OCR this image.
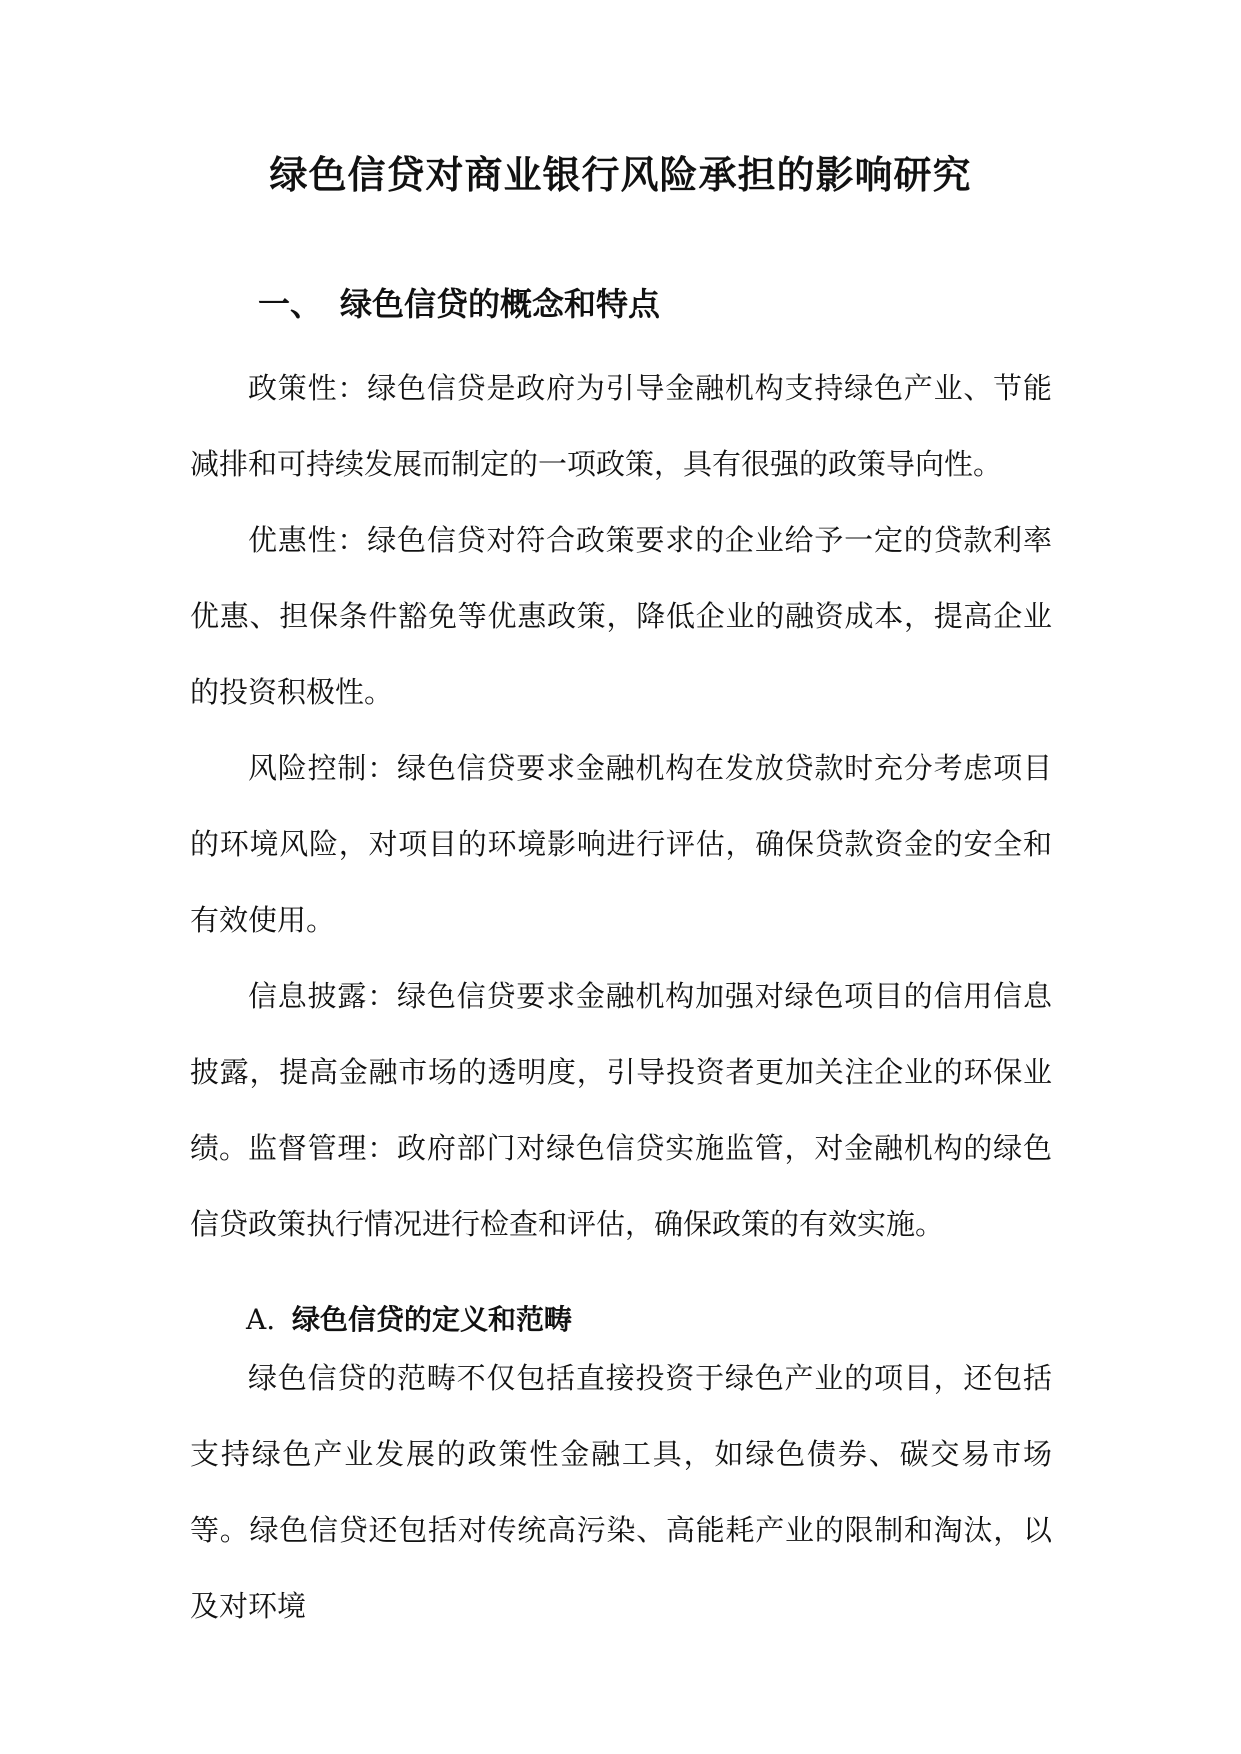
绿色信贷对商业银行风险承担的影响研究
一、 绿色信贷的概念和特点

政策性：绿色信贷是政府为引导金融机构支持绿色产业、节能减排和可持续发展而制定的一项政策，具有很强的政策导向性。

优惠性：绿色信贷对符合政策要求的企业给予一定的贷款利率优惠、担保条件豁免等优惠政策，降低企业的融资成本，提高企业的投资积极性。

风险控制：绿色信贷要求金融机构在发放贷款时充分考虑项目的环境风险，对项目的环境影响进行评估，确保贷款资金的安全和有效使用。

信息披露：绿色信贷要求金融机构加强对绿色项目的信用信息披露，提高金融市场的透明度，引导投资者更加关注企业的环保业绩。 监督管理：政府部门对绿色信贷实施监管，对金融机构的绿色信贷政策执行情况进行检查和评估，确保政策的有效实施。

A. 绿色信贷的定义和范畴

绿色信贷的范畴不仅包括直接投资于绿色产业的项目，还包括支持绿色产业发展的政策性金融工具，如绿色债券、碳交易市场等。绿色信贷还包括对传统高污染、高能耗产业的限制和淘汰，以及对环境
